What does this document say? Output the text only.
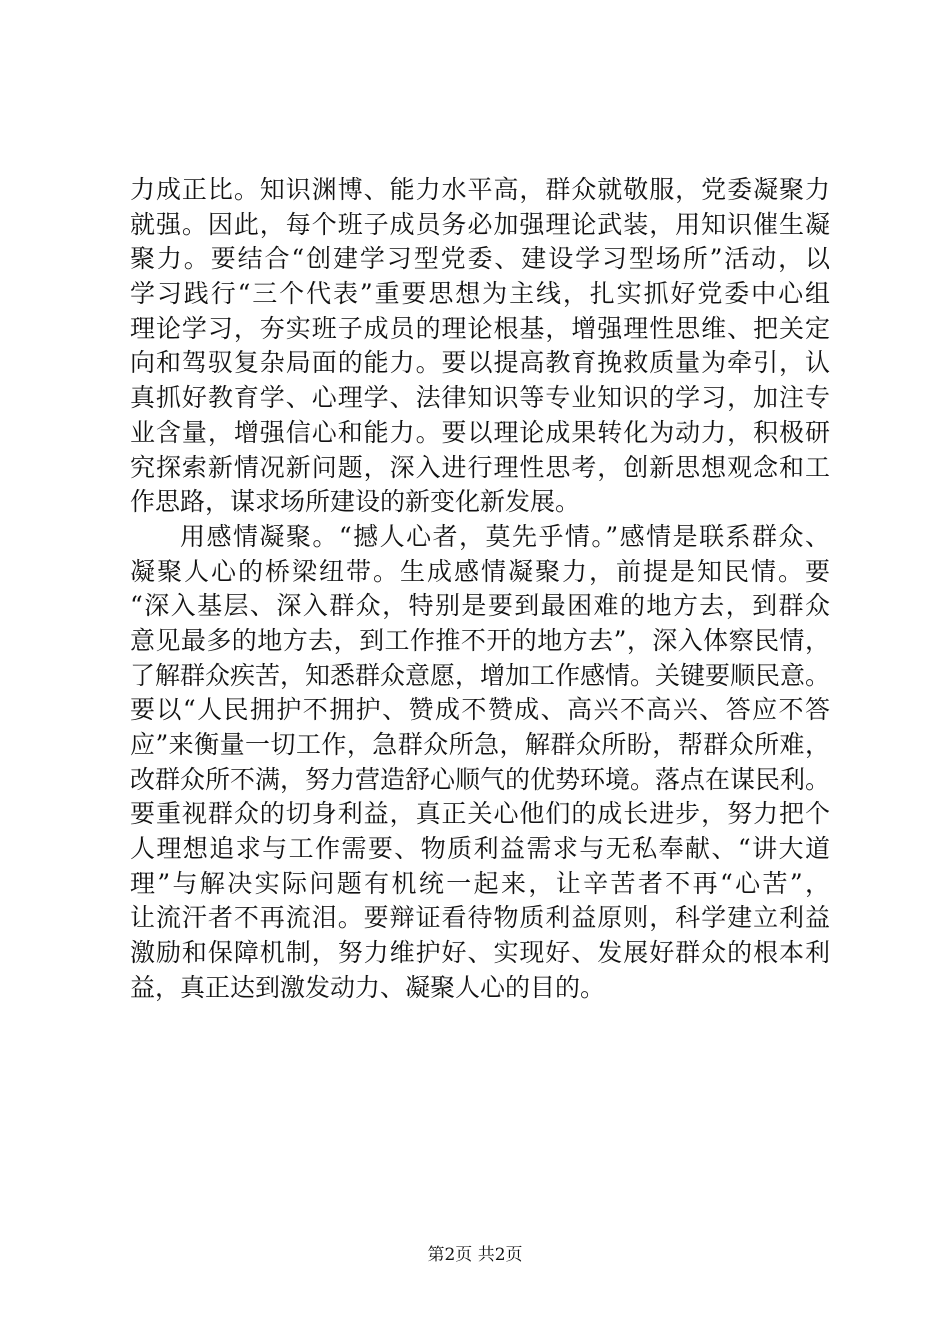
力成正比。知识渊博、能力水平高，群众就敬服，党委凝聚力
就强。因此，每个班子成员务必加强理论武装，用知识催生凝
聚力。要结合“创建学习型党委、建设学习型场所”活动，以
学习践行“三个代表”重要思想为主线，扎实抓好党委中心组
理论学习，夯实班子成员的理论根基，增强理性思维、把关定
向和驾驭复杂局面的能力。要以提高教育挽救质量为牵引，认
真抓好教育学、心理学、法律知识等专业知识的学习，加注专
业含量，增强信心和能力。要以理论成果转化为动力，积极研
究探索新情况新问题，深入进行理性思考，创新思想观念和工
作思路，谋求场所建设的新变化新发展。
用感情凝聚。“撼人心者，莫先乎情。”感情是联系群众、
凝聚人心的桥梁纽带。生成感情凝聚力，前提是知民情。要
“深入基层、深入群众，特别是要到最困难的地方去，到群众
意见最多的地方去，到工作推不开的地方去”，深入体察民情，
了解群众疾苦，知悉群众意愿，增加工作感情。关键要顺民意。
要以“人民拥护不拥护、赞成不赞成、高兴不高兴、答应不答
应”来衡量一切工作，急群众所急，解群众所盼，帮群众所难，
改群众所不满，努力营造舒心顺气的优势环境。落点在谋民利。
要重视群众的切身利益，真正关心他们的成长进步，努力把个
人理想追求与工作需要、物质利益需求与无私奉献、“讲大道
理”与解决实际问题有机统一起来，让辛苦者不再“心苦”，
让流汗者不再流泪。要辩证看待物质利益原则，科学建立利益
激励和保障机制，努力维护好、实现好、发展好群众的根本利
益，真正达到激发动力、凝聚人心的目的。
第2页 共2页
